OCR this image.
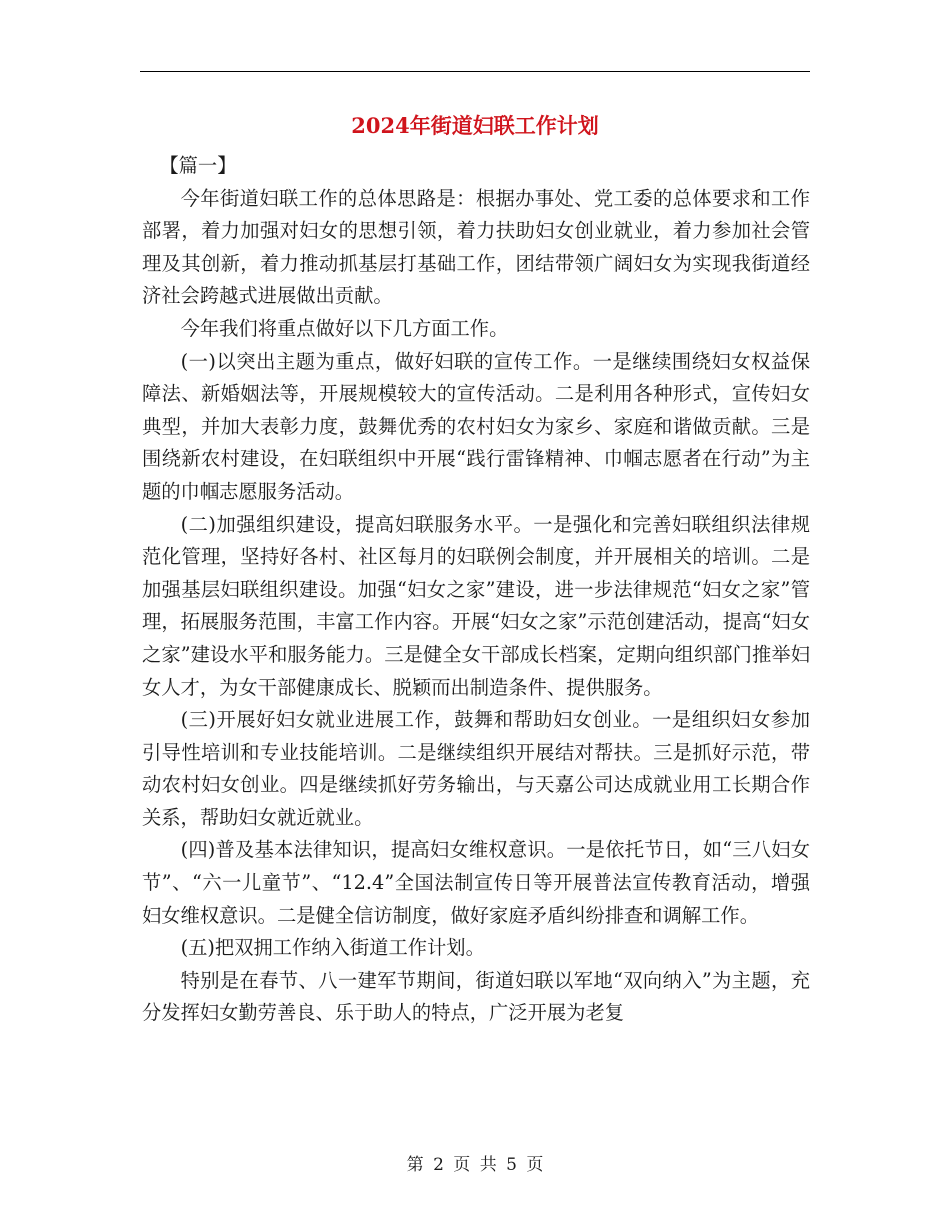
2024年街道妇联工作计划

【篇一】

今年街道妇联工作的总体思路是：根据办事处、党工委的总体要求和工作部署，着力加强对妇女的思想引领，着力扶助妇女创业就业，着力参加社会管理及其创新，着力推动抓基层打基础工作，团结带领广阔妇女为实现我街道经济社会跨越式进展做出贡献。

今年我们将重点做好以下几方面工作。

(一)以突出主题为重点，做好妇联的宣传工作。一是继续围绕妇女权益保障法、新婚姻法等，开展规模较大的宣传活动。二是利用各种形式，宣传妇女典型，并加大表彰力度，鼓舞优秀的农村妇女为家乡、家庭和谐做贡献。三是围绕新农村建设，在妇联组织中开展“践行雷锋精神、巾帼志愿者在行动”为主题的巾帼志愿服务活动。

(二)加强组织建设，提高妇联服务水平。一是强化和完善妇联组织法律规范化管理，坚持好各村、社区每月的妇联例会制度，并开展相关的培训。二是加强基层妇联组织建设。加强“妇女之家”建设，进一步法律规范“妇女之家”管理，拓展服务范围，丰富工作内容。开展“妇女之家”示范创建活动，提高“妇女之家”建设水平和服务能力。三是健全女干部成长档案，定期向组织部门推举妇女人才，为女干部健康成长、脱颖而出制造条件、提供服务。

(三)开展好妇女就业进展工作，鼓舞和帮助妇女创业。一是组织妇女参加引导性培训和专业技能培训。二是继续组织开展结对帮扶。三是抓好示范，带动农村妇女创业。四是继续抓好劳务输出，与天嘉公司达成就业用工长期合作关系，帮助妇女就近就业。

(四)普及基本法律知识，提高妇女维权意识。一是依托节日，如“三八妇女节”、“六一儿童节”、“12.4”全国法制宣传日等开展普法宣传教育活动，增强妇女维权意识。二是健全信访制度，做好家庭矛盾纠纷排查和调解工作。

(五)把双拥工作纳入街道工作计划。

特别是在春节、八一建军节期间，街道妇联以军地“双向纳入”为主题，充分发挥妇女勤劳善良、乐于助人的特点，广泛开展为老复

第 2 页 共 5 页
